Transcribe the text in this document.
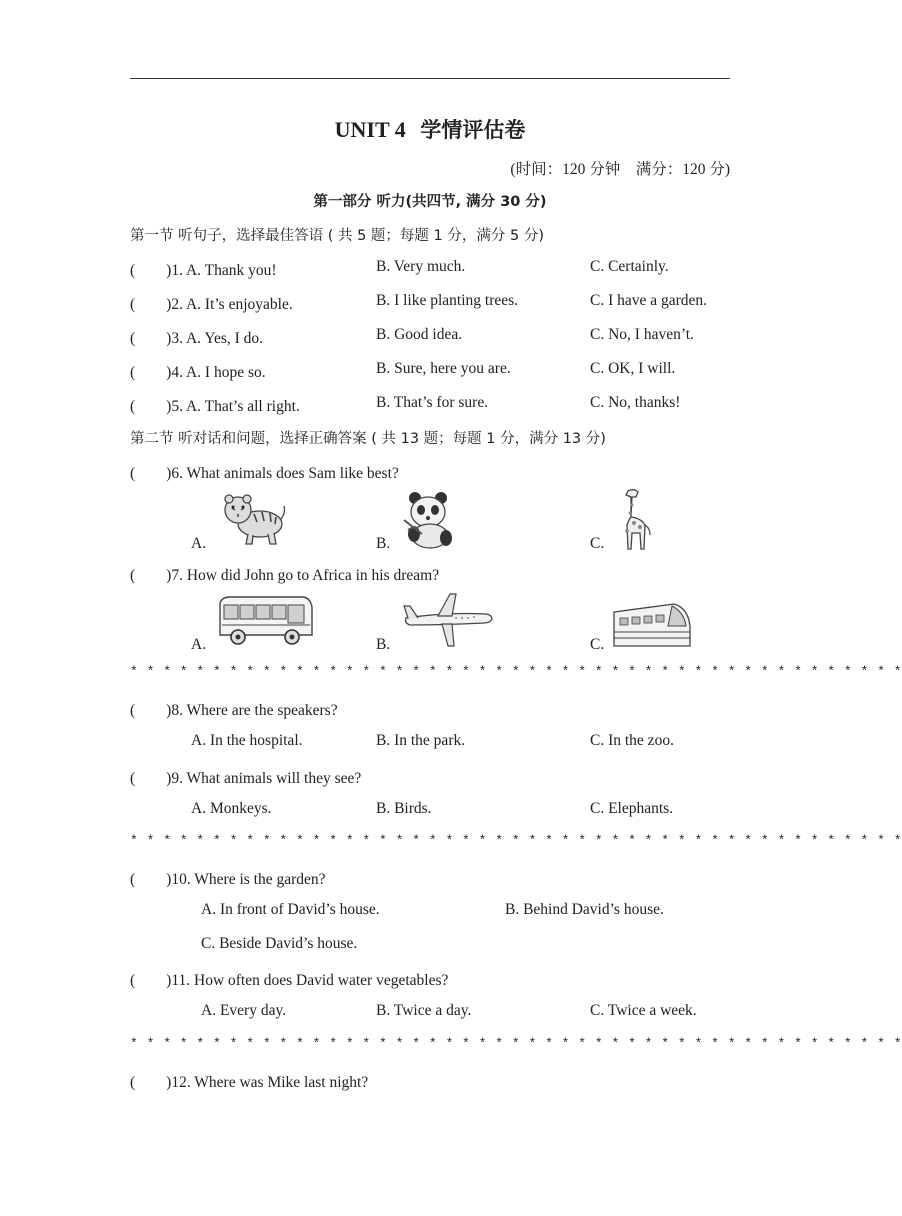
UNIT 4 学情评估卷
(时间：120 分钟　满分：120 分)
第一部分 听力(共四节, 满分 30 分)
第一节 听句子，选择最佳答语 ( 共 5 题；每题 1 分，满分 5 分)
(　　)1. A. Thank you!	B. Very much.	C. Certainly.
(　　)2. A. It’s enjoyable.	B. I like planting trees.	C. I have a garden.
(　　)3. A. Yes, I do.	B. Good idea.	C. No, I haven’t.
(　　)4. A. I hope so.	B. Sure, here you are.	C. OK, I will.
(　　)5. A. That’s all right.	B. That’s for sure.	C. No, thanks!
第二节 听对话和问题，选择正确答案 ( 共 13 题；每题 1 分，满分 13 分)
(　　)6. What animals does Sam like best?
A.	B.	C.
(　　)7. How did John go to Africa in his dream?
A.	B.	C.
* * * * * * * * * * * * * * * * * * * * * * * * * * * * * * * * * * * * * * * * * * * * * * *
(　　)8. Where are the speakers?
A. In the hospital.	B. In the park.	C. In the zoo.
(　　)9. What animals will they see?
A. Monkeys.	B. Birds.	C. Elephants.
* * * * * * * * * * * * * * * * * * * * * * * * * * * * * * * * * * * * * * * * * * * * * * *
(　　)10. Where is the garden?
A. In front of David’s house.	B. Behind David’s house.
C. Beside David’s house.
(　　)11. How often does David water vegetables?
A. Every day.	B. Twice a day.	C. Twice a week.
* * * * * * * * * * * * * * * * * * * * * * * * * * * * * * * * * * * * * * * * * * * * * * *
(　　)12. Where was Mike last night?
